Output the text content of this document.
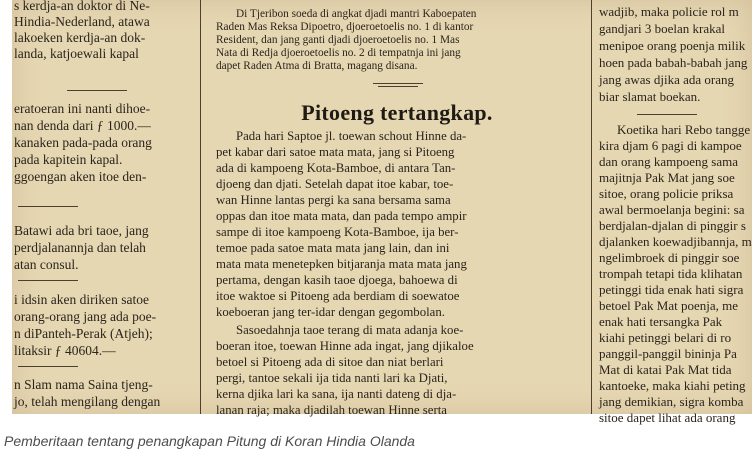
s kerdja-an doktor di Ne-
Hindia-Nederland, atawa
lakoeken kerdja-an dok-
landa, katjoewali kapal
eratoeran ini nanti dihoe-
nan denda dari ƒ 1000.—
kanaken pada-pada orang
pada kapitein kapal.
ggoengan aken itoe den-
Batawi ada bri taoe, jang
perdjalanannja dan telah
atan consul.
i idsin aken diriken satoe
orang-orang jang ada poe-
n diPanteh-Perak (Atjeh);
litaksir ƒ 40604.—
n Slam nama Saina tjeng-
jo, telah mengilang dengan
Di Tjeribon soeda di angkat djadi mantri Kaboepaten
Raden Mas Reksa Dipoetro, djoeroetoelis no. 1 di kantor
Resident, dan jang ganti djadi djoeroetoelis no. 1 Mas
Nata di Redja djoeroetoelis no. 2 di tempatnja ini jang
dapet Raden Atma di Bratta, magang disana.
Pitoeng tertangkap.
Pada hari Saptoe jl. toewan schout Hinne da-
pet kabar dari satoe mata mata, jang si Pitoeng
ada di kampoeng Kota-Bamboe, di antara Tan-
djoeng dan djati. Setelah dapat itoe kabar, toe-
wan Hinne lantas pergi ka sana bersama sama
oppas dan itoe mata mata, dan pada tempo ampir
sampe di itoe kampoeng Kota-Bamboe, ija ber-
temoe pada satoe mata mata jang lain, dan ini
mata mata menetepken bitjaranja mata mata jang
pertama, dengan kasih taoe djoega, bahoewa di
itoe waktoe si Pitoeng ada berdiam di soewatoe
koeboeran jang ter-idar dengan gegombolan.
Sasoedahnja taoe terang di mata adanja koe-
boeran itoe, toewan Hinne ada ingat, jang djikaloe
betoel si Pitoeng ada di sitoe dan niat berlari
pergi, tantoe sekali ija tida nanti lari ka Djati,
kerna djika lari ka sana, ija nanti dateng di dja-
lanan raja; maka djadilah toewan Hinne serta
wadjib, maka policie rol m
gandjari 3 boelan krakal
menipoe orang poenja milik
hoen pada babah-babah jang
jang awas djika ada orang
biar slamat boekan.
Koetika hari Rebo tangge
kira djam 6 pagi di kampoe
dan orang kampoeng sama
majitnja Pak Mat jang soe
sitoe, orang policie priksa
awal bermoelanja begini: sa
berdjalan-djalan di pinggir s
djalanken koewadjibannja, m
ngelimbroek di pinggir soe
trompah tetapi tida klihatan
petinggi tida enak hati sigra
betoel Pak Mat poenja, me
enak hati tersangka Pak
kiahi petinggi belari di ro
panggil-panggil bininja Pa
Mat di katai Pak Mat tida
kantoeke, maka kiahi peting
jang demikian, sigra komba
sitoe dapet lihat ada orang
Pemberitaan tentang penangkapan Pitung di Koran Hindia Olanda
